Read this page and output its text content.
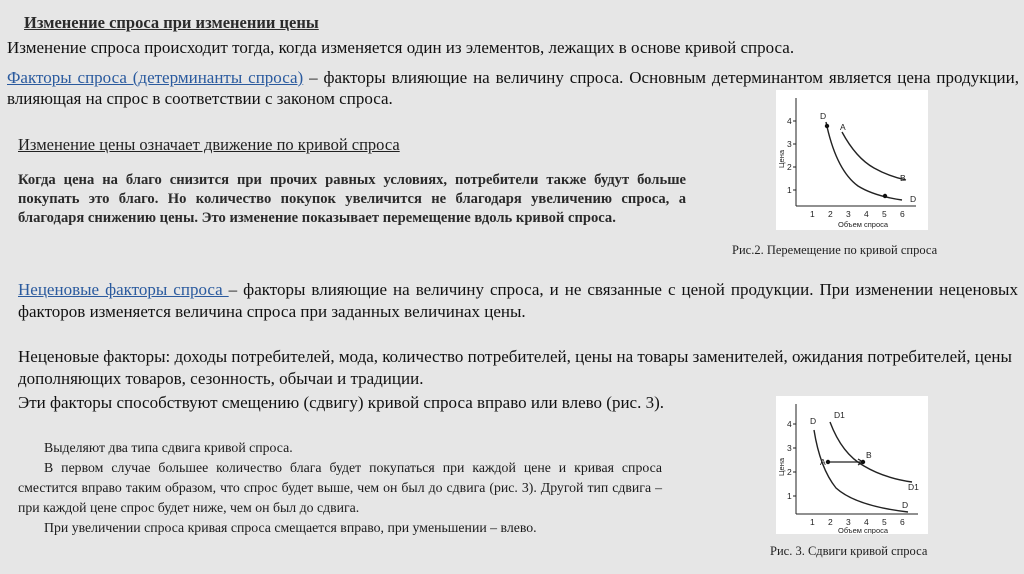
Изменение спроса при изменении цены
Изменение спроса происходит тогда, когда изменяется один из элементов, лежащих в основе кривой спроса.
Факторы спроса (детерминанты спроса) – факторы влияющие на величину спроса. Основным детерминантом является цена продукции, влияющая на спрос в соответствии с законом спроса.
Изменение цены означает движение по кривой спроса
Когда цена на благо снизится при прочих равных условиях, потребители также будут больше покупать это благо. Но количество покупок увеличится не благодаря увеличению спроса, а благодаря снижению цены. Это изменение показывает перемещение вдоль кривой спроса.
Неценовые факторы спроса – факторы влияющие на величину спроса, и не связанные с ценой продукции. При изменении неценовых факторов изменяется величина спроса при заданных величинах цены.
Неценовые факторы: доходы потребителей, мода, количество потребителей, цены на товары заменителей, ожидания потребителей, цены дополняющих товаров, сезонность, обычаи и традиции.
Эти факторы способствуют смещению (сдвигу) кривой спроса вправо или влево (рис. 3).
Выделяют два типа сдвига кривой спроса.
В первом случае большее количество блага будет покупаться при каждой цене и кривая спроса сместится вправо таким образом, что спрос будет выше, чем он был до сдвига (рис. 3). Другой тип сдвига – при каждой цене спрос будет ниже, чем он был до сдвига.
При увеличении спроса кривая спроса смещается вправо, при уменьшении – влево.
1
2
3
4
1 2 3 4 5 6
D
A
B
D
Объем спроса
Цена
Рис.2. Перемещение по кривой спроса
1
2
3
4
1 2 3 4 5 6
D
D1
A
B
D1
D
Объем спроса
Цена
Рис. 3. Сдвиги кривой спроса
